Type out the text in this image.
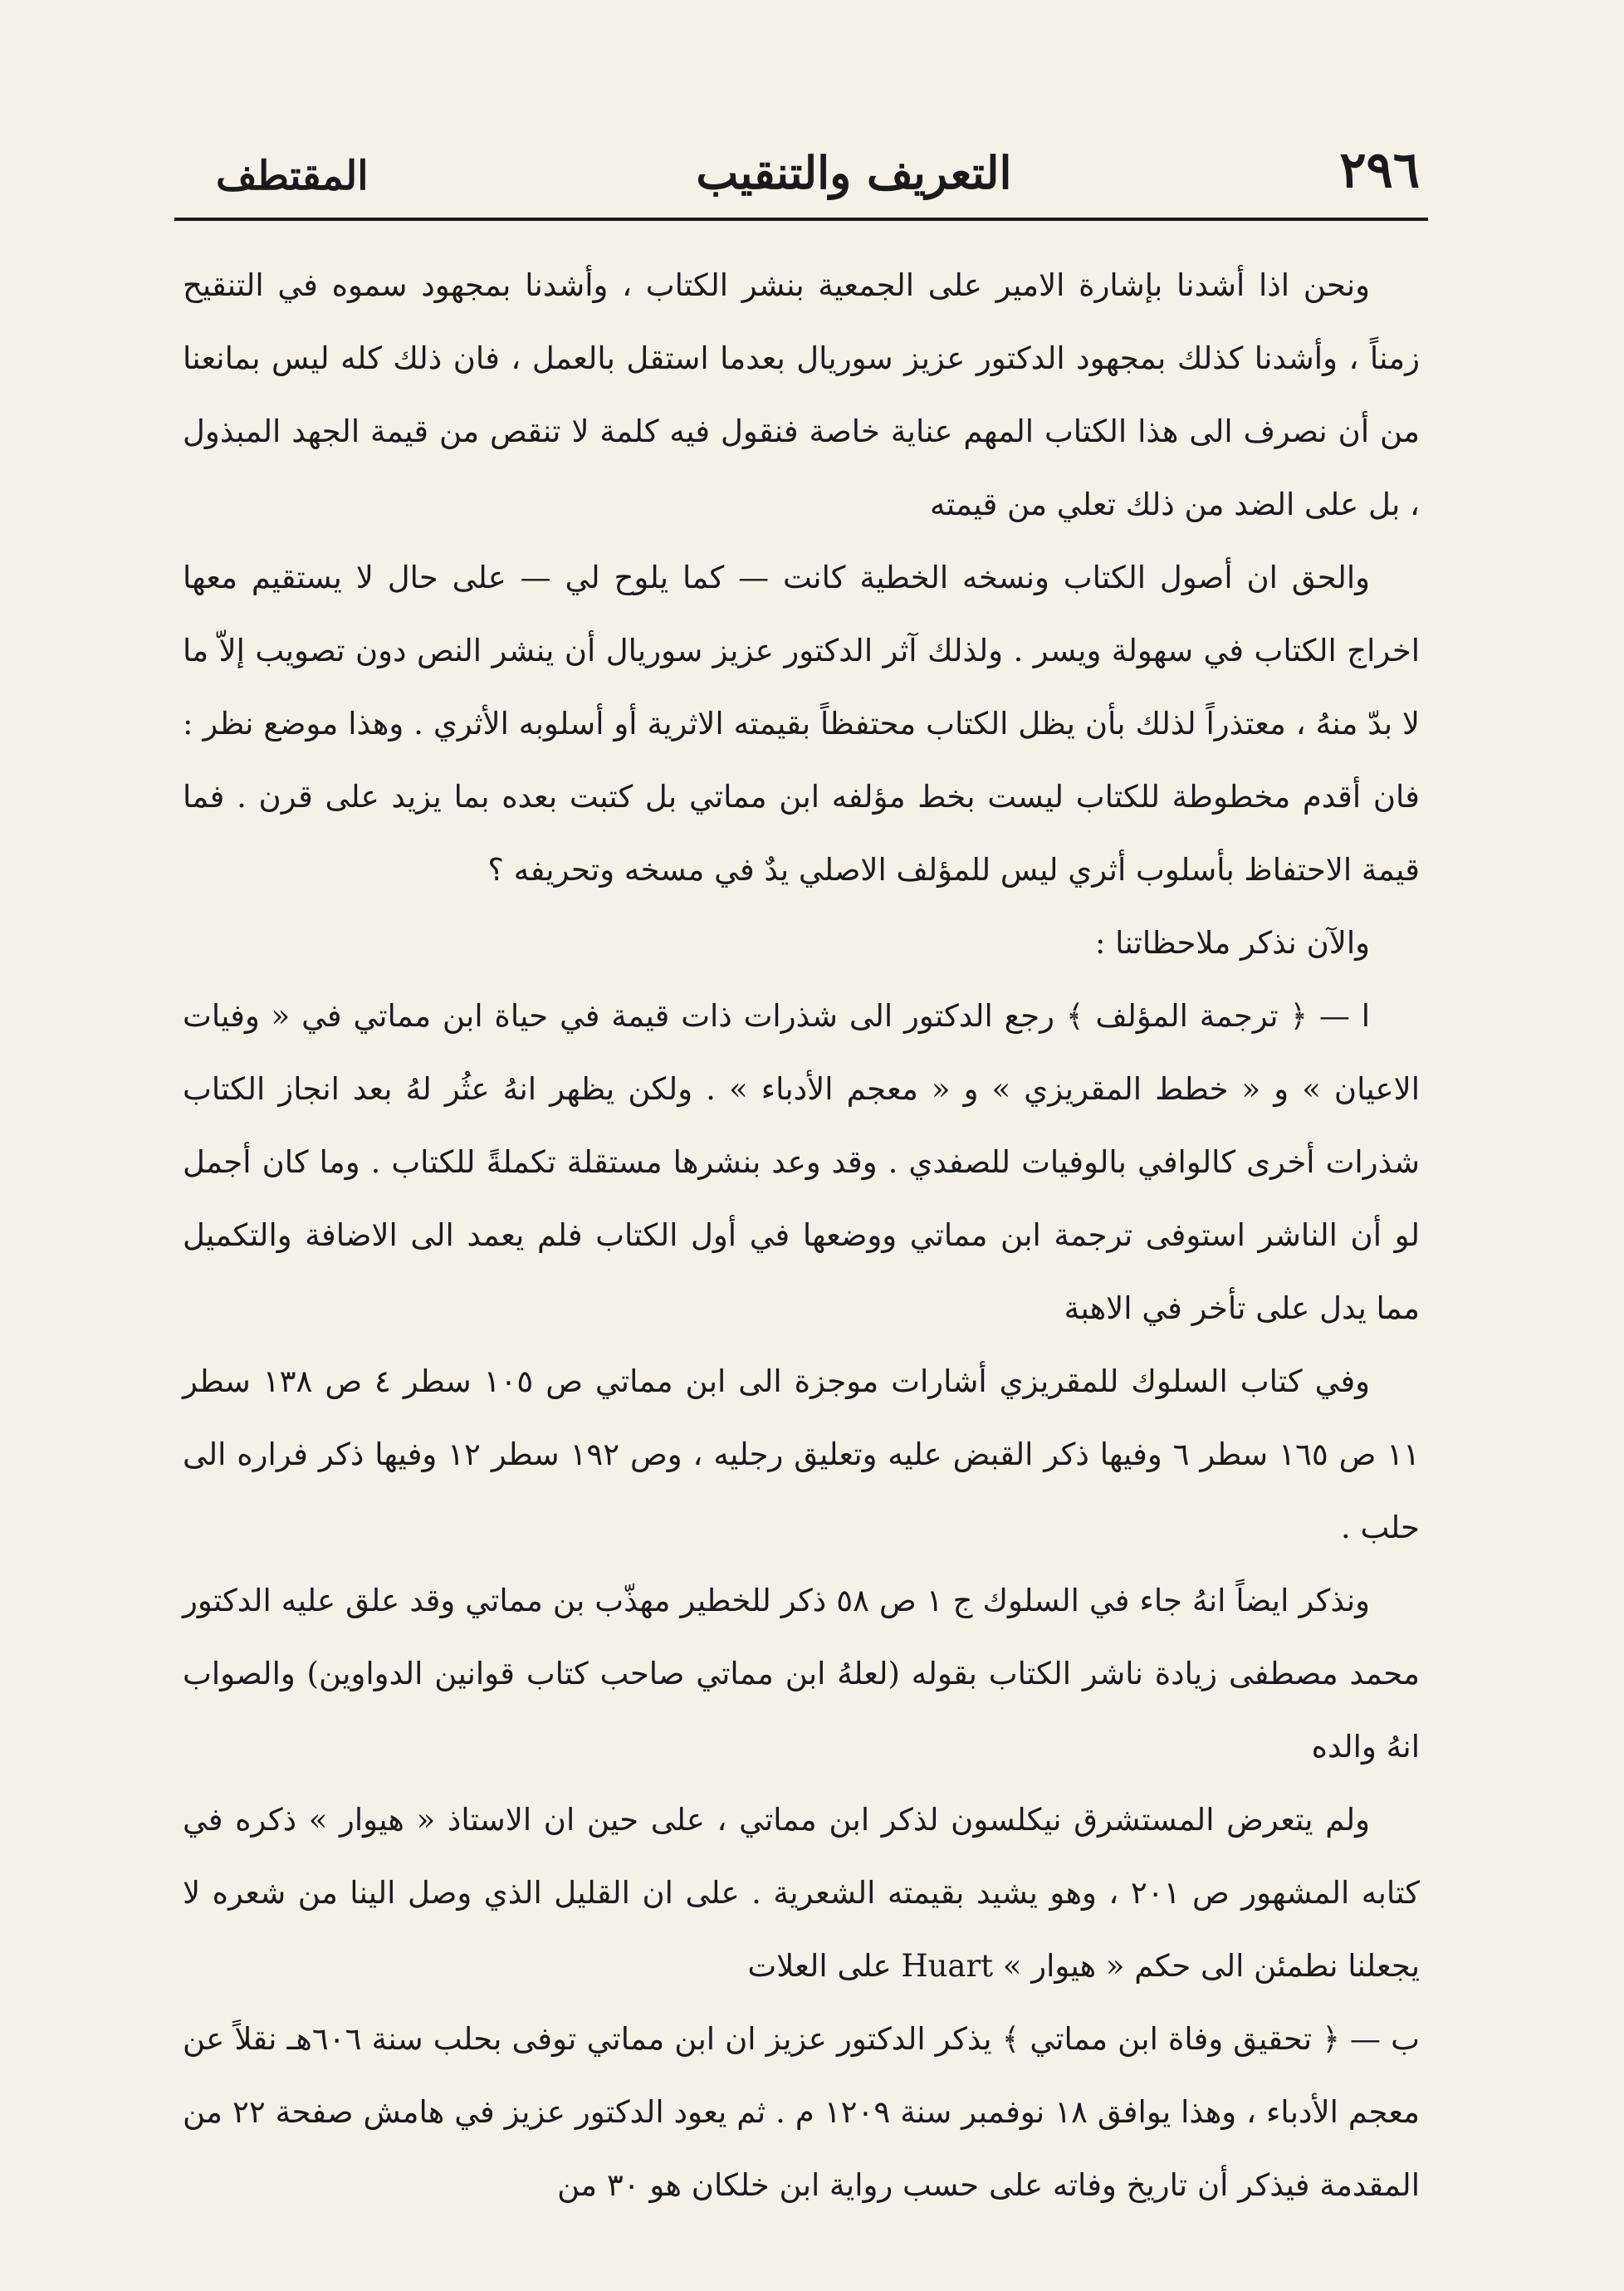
٢٩٦
التعريف والتنقيب
المقتطف

ونحن اذا أشدنا بإشارة الامير على الجمعية بنشر الكتاب ، وأشدنا بمجهود سموه في التنقيح زمناً ، وأشدنا كذلك بمجهود الدكتور عزيز سوريال بعدما استقل بالعمل ، فان ذلك كله ليس بمانعنا من أن نصرف الى هذا الكتاب المهم عناية خاصة فنقول فيه كلمة لا تنقص من قيمة الجهد المبذول ، بل على الضد من ذلك تعلي من قيمته

والحق ان أصول الكتاب ونسخه الخطية كانت — كما يلوح لي — على حال لا يستقيم معها اخراج الكتاب في سهولة ويسر . ولذلك آثر الدكتور عزيز سوريال أن ينشر النص دون تصويب إلاّ ما لا بدّ منهُ ، معتذراً لذلك بأن يظل الكتاب محتفظاً بقيمته الاثرية أو أسلوبه الأثري . وهذا موضع نظر : فان أقدم مخطوطة للكتاب ليست بخط مؤلفه ابن مماتي بل كتبت بعده بما يزيد على قرن . فما قيمة الاحتفاظ بأسلوب أثري ليس للمؤلف الاصلي يدٌ في مسخه وتحريفه ؟

والآن نذكر ملاحظاتنا :

ا — ﴿ ترجمة المؤلف ﴾ رجع الدكتور الى شذرات ذات قيمة في حياة ابن مماتي في « وفيات الاعيان » و « خطط المقريزي » و « معجم الأدباء » . ولكن يظهر انهُ عثُر لهُ بعد انجاز الكتاب شذرات أخرى كالوافي بالوفيات للصفدي . وقد وعد بنشرها مستقلة تكملةً للكتاب . وما كان أجمل لو أن الناشر استوفى ترجمة ابن مماتي ووضعها في أول الكتاب فلم يعمد الى الاضافة والتكميل مما يدل على تأخر في الاهبة

وفي كتاب السلوك للمقريزي أشارات موجزة الى ابن مماتي ص ١٠٥ سطر ٤ ص ١٣٨ سطر ١١ ص ١٦٥ سطر ٦ وفيها ذكر القبض عليه وتعليق رجليه ، وص ١٩٢ سطر ١٢ وفيها ذكر فراره الى حلب .

ونذكر ايضاً انهُ جاء في السلوك ج ١ ص ٥٨ ذكر للخطير مهذّب بن مماتي وقد علق عليه الدكتور محمد مصطفى زيادة ناشر الكتاب بقوله (لعلهُ ابن مماتي صاحب كتاب قوانين الدواوين) والصواب انهُ والده

ولم يتعرض المستشرق نيكلسون لذكر ابن مماتي ، على حين ان الاستاذ « هيوار » ذكره في كتابه المشهور ص ٢٠١ ، وهو يشيد بقيمته الشعرية . على ان القليل الذي وصل الينا من شعره لا يجعلنا نطمئن الى حكم « هيوار » Huart على العلات

ب — ﴿ تحقيق وفاة ابن مماتي ﴾ يذكر الدكتور عزيز ان ابن مماتي توفى بحلب سنة ٦٠٦هـ نقلاً عن معجم الأدباء ، وهذا يوافق ١٨ نوفمبر سنة ١٢٠٩ م . ثم يعود الدكتور عزيز في هامش صفحة ٢٢ من المقدمة فيذكر أن تاريخ وفاته على حسب رواية ابن خلكان هو ٣٠ من
